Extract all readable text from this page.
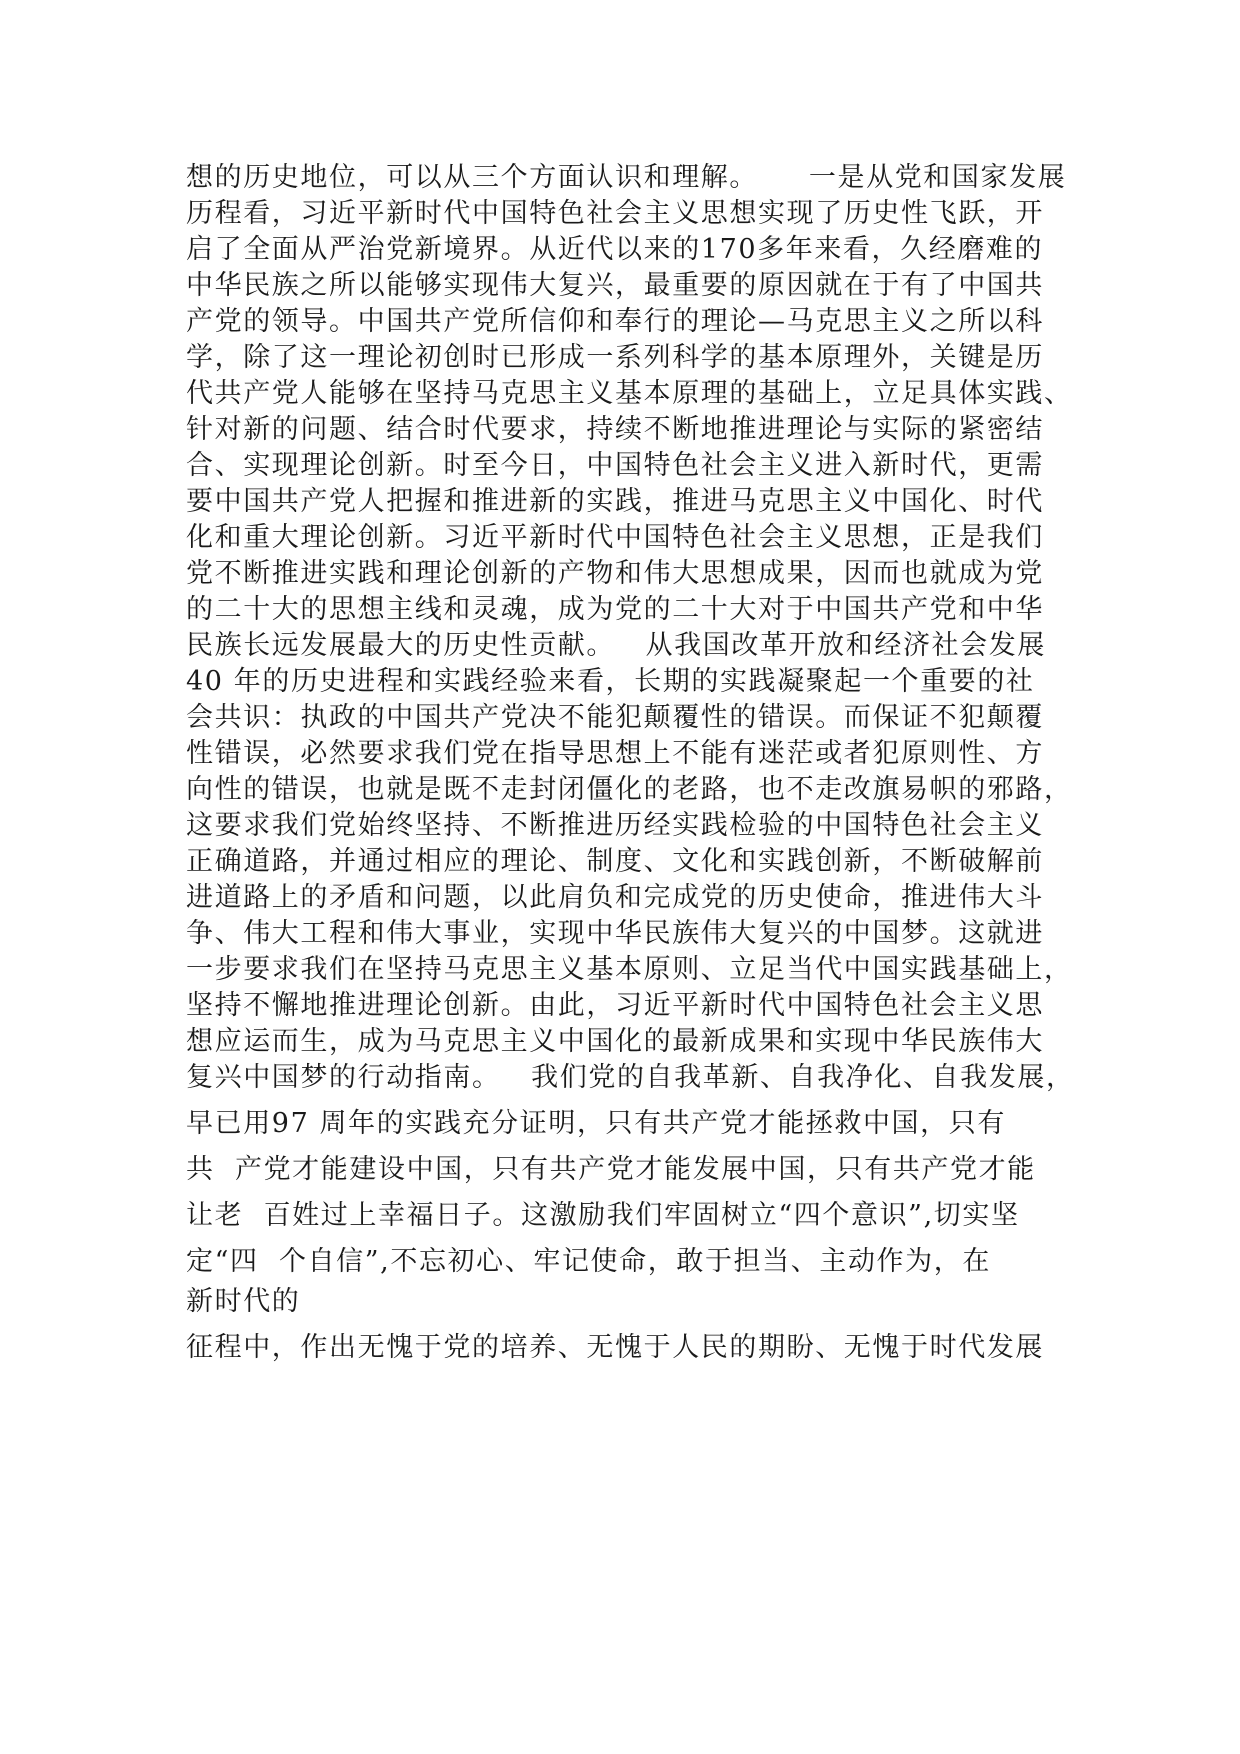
想的历史地位，可以从三个方面认识和理解。     一是从党和国家发展
历程看，习近平新时代中国特色社会主义思想实现了历史性飞跃，开
启了全面从严治党新境界。从近代以来的170多年来看，久经磨难的
中华民族之所以能够实现伟大复兴，最重要的原因就在于有了中国共
产党的领导。中国共产党所信仰和奉行的理论—马克思主义之所以科
学，除了这一理论初创时已形成一系列科学的基本原理外，关键是历
代共产党人能够在坚持马克思主义基本原理的基础上，立足具体实践、
针对新的问题、结合时代要求，持续不断地推进理论与实际的紧密结
合、实现理论创新。时至今日，中国特色社会主义进入新时代，更需
要中国共产党人把握和推进新的实践，推进马克思主义中国化、时代
化和重大理论创新。习近平新时代中国特色社会主义思想，正是我们
党不断推进实践和理论创新的产物和伟大思想成果，因而也就成为党
的二十大的思想主线和灵魂，成为党的二十大对于中国共产党和中华
民族长远发展最大的历史性贡献。   从我国改革开放和经济社会发展
40 年的历史进程和实践经验来看，长期的实践凝聚起一个重要的社
会共识：执政的中国共产党决不能犯颠覆性的错误。而保证不犯颠覆
性错误，必然要求我们党在指导思想上不能有迷茫或者犯原则性、方
向性的错误，也就是既不走封闭僵化的老路，也不走改旗易帜的邪路，
这要求我们党始终坚持、不断推进历经实践检验的中国特色社会主义
正确道路，并通过相应的理论、制度、文化和实践创新，不断破解前
进道路上的矛盾和问题，以此肩负和完成党的历史使命，推进伟大斗
争、伟大工程和伟大事业，实现中华民族伟大复兴的中国梦。这就进
一步要求我们在坚持马克思主义基本原则、立足当代中国实践基础上，
坚持不懈地推进理论创新。由此，习近平新时代中国特色社会主义思
想应运而生，成为马克思主义中国化的最新成果和实现中华民族伟大
复兴中国梦的行动指南。   我们党的自我革新、自我净化、自我发展，
早已用97 周年的实践充分证明，只有共产党才能拯救中国，只有
共  产党才能建设中国，只有共产党才能发展中国，只有共产党才能
让老  百姓过上幸福日子。这激励我们牢固树立“四个意识”,切实坚
定“四  个自信”,不忘初心、牢记使命，敢于担当、主动作为，在
新时代的
征程中，作出无愧于党的培养、无愧于人民的期盼、无愧于时代发展
